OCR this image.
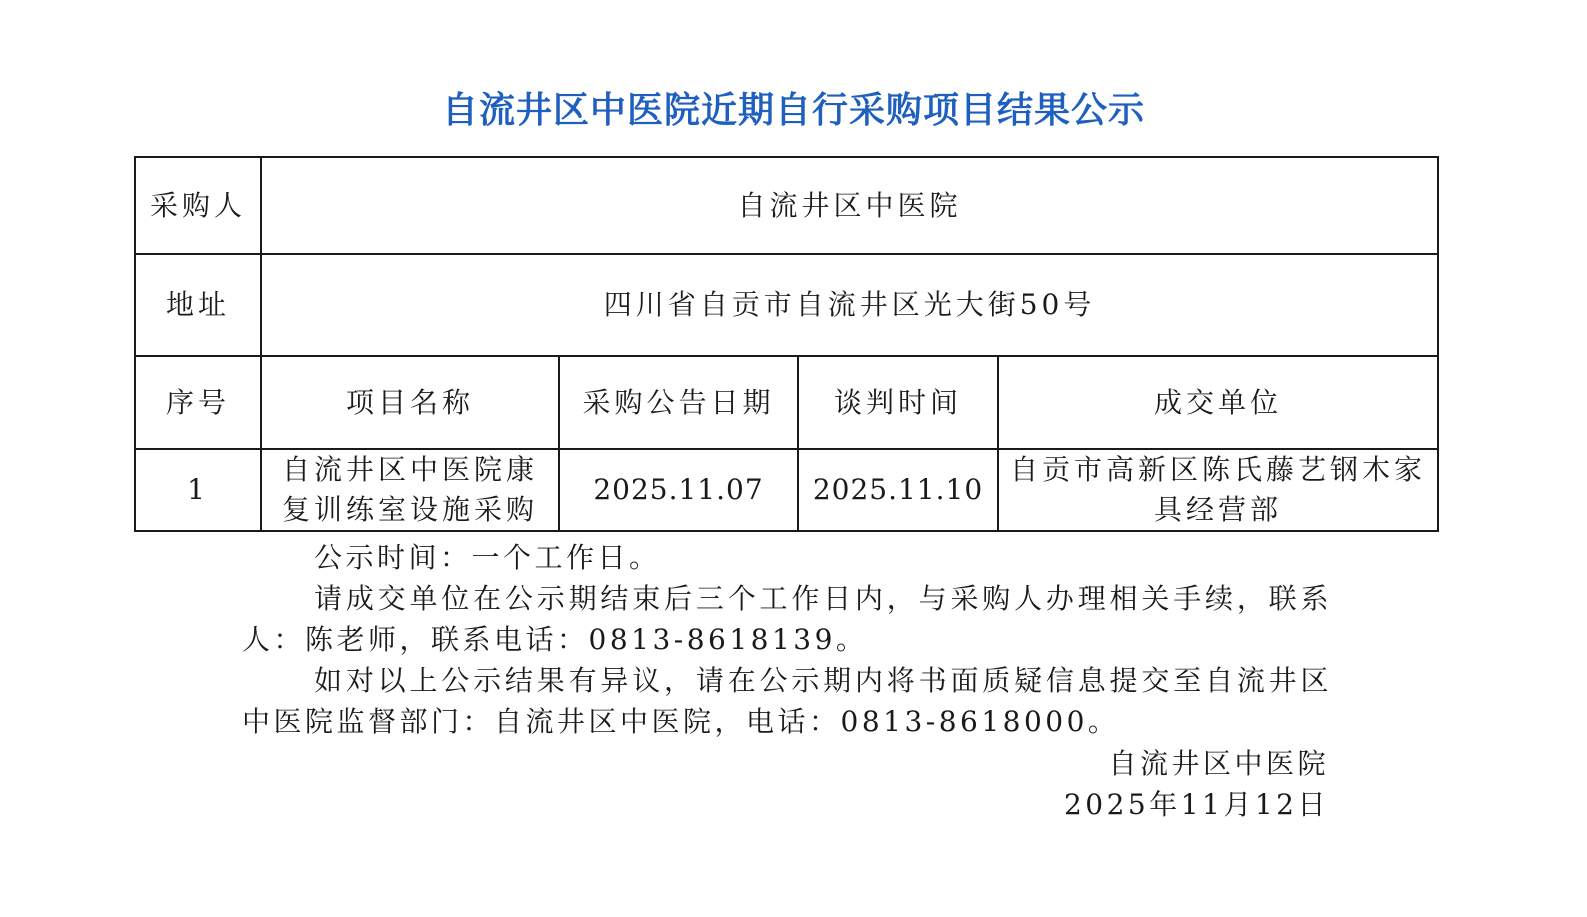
自流井区中医院近期自行采购项目结果公示
采购人	自流井区中医院			
地址	四川省自贡市自流井区光大街50号			
序号	项目名称	采购公告日期	谈判时间	成交单位
1	自流井区中医院康复训练室设施采购	2025.11.07	2025.11.10	自贡市高新区陈氏藤艺钢木家具经营部
公示时间：一个工作日。
请成交单位在公示期结束后三个工作日内，与采购人办理相关手续，联系人：陈老师，联系电话：0813-8618139。
如对以上公示结果有异议，请在公示期内将书面质疑信息提交至自流井区中医院监督部门：自流井区中医院，电话：0813-8618000。
自流井区中医院
2025年11月12日
